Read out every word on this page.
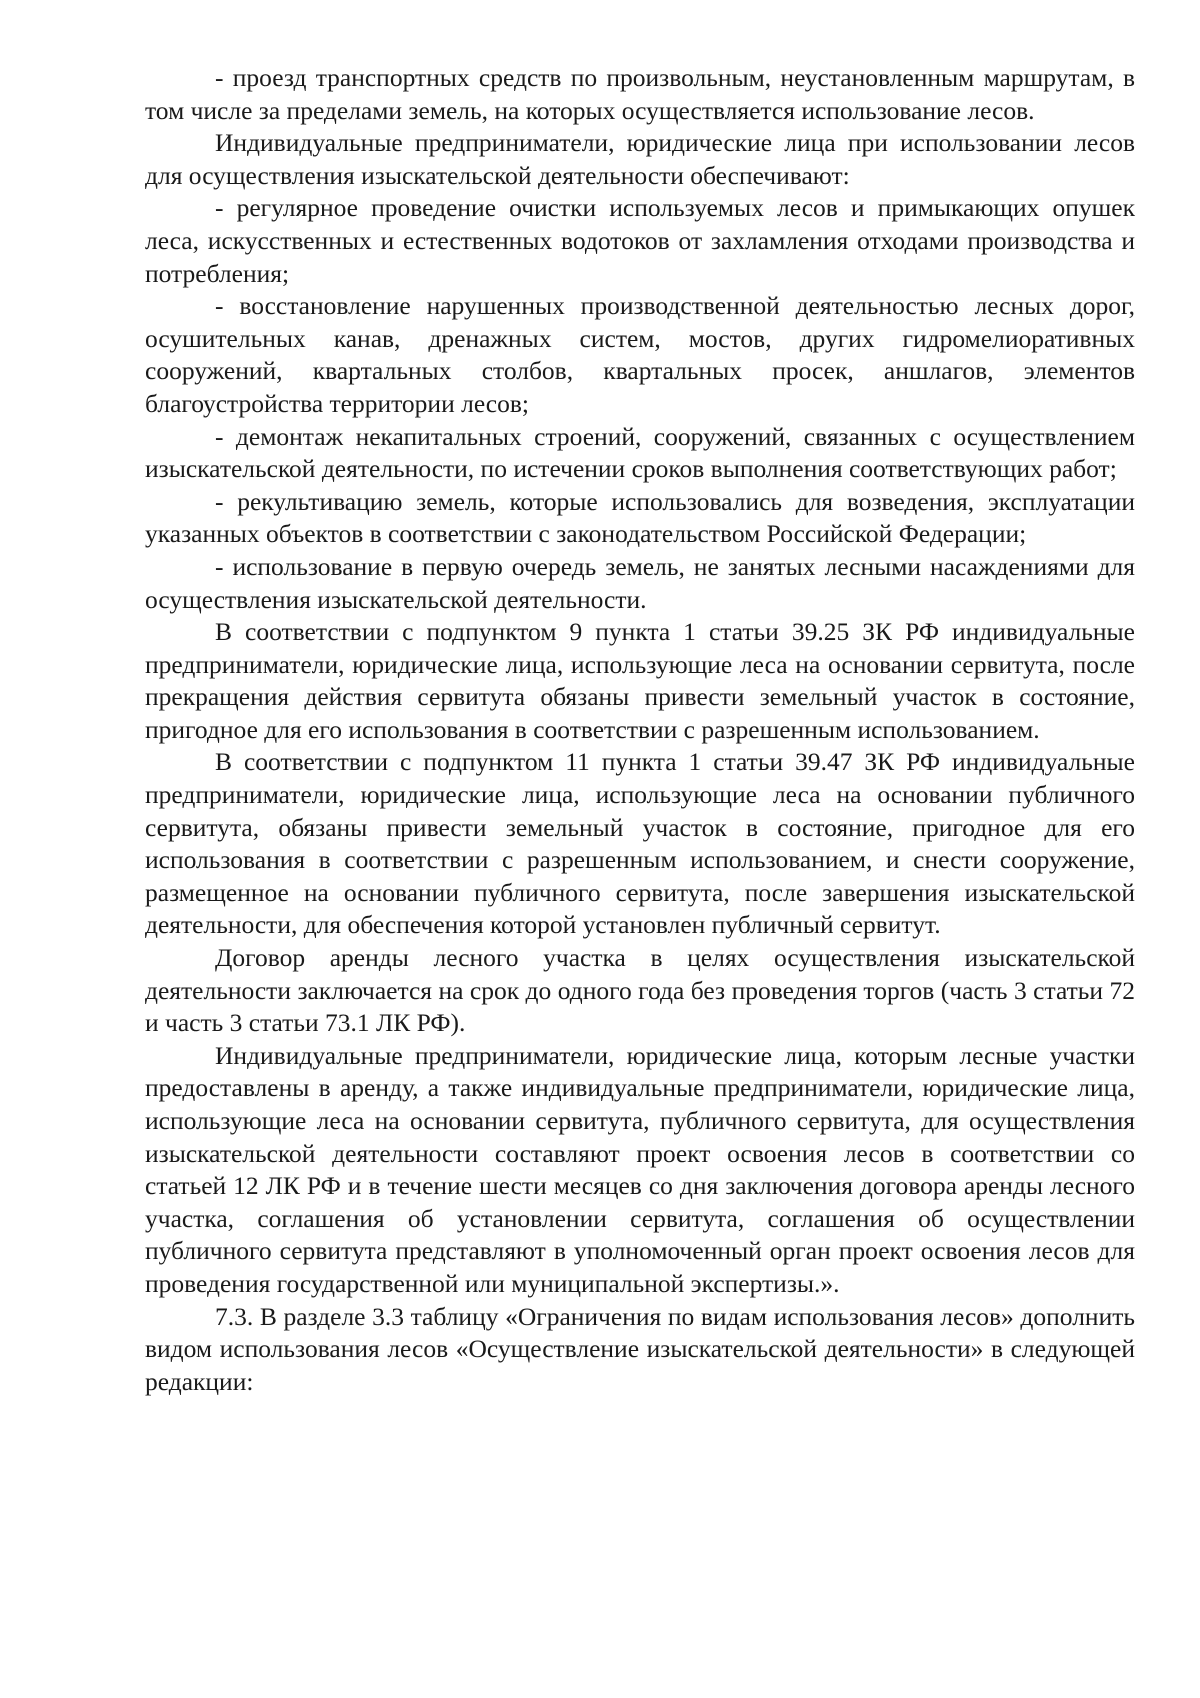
- проезд транспортных средств по произвольным, неустановленным маршрутам, в том числе за пределами земель, на которых осуществляется использование лесов.

Индивидуальные предприниматели, юридические лица при использовании лесов для осуществления изыскательской деятельности обеспечивают:

- регулярное проведение очистки используемых лесов и примыкающих опушек леса, искусственных и естественных водотоков от захламления отходами производства и потребления;

- восстановление нарушенных производственной деятельностью лесных дорог, осушительных канав, дренажных систем, мостов, других гидромелиоративных сооружений, квартальных столбов, квартальных просек, аншлагов, элементов благоустройства территории лесов;

- демонтаж некапитальных строений, сооружений, связанных с осуществлением изыскательской деятельности, по истечении сроков выполнения соответствующих работ;

- рекультивацию земель, которые использовались для возведения, эксплуатации указанных объектов в соответствии с законодательством Российской Федерации;

- использование в первую очередь земель, не занятых лесными насаждениями для осуществления изыскательской деятельности.

В соответствии с подпунктом 9 пункта 1 статьи 39.25 ЗК РФ индивидуальные предприниматели, юридические лица, использующие леса на основании сервитута, после прекращения действия сервитута обязаны привести земельный участок в состояние, пригодное для его использования в соответствии с разрешенным использованием.

В соответствии с подпунктом 11 пункта 1 статьи 39.47 ЗК РФ индивидуальные предприниматели, юридические лица, использующие леса на основании публичного сервитута, обязаны привести земельный участок в состояние, пригодное для его использования в соответствии с разрешенным использованием, и снести сооружение, размещенное на основании публичного сервитута, после завершения изыскательской деятельности, для обеспечения которой установлен публичный сервитут.

Договор аренды лесного участка в целях осуществления изыскательской деятельности заключается на срок до одного года без проведения торгов (часть 3 статьи 72 и часть 3 статьи 73.1 ЛК РФ).

Индивидуальные предприниматели, юридические лица, которым лесные участки предоставлены в аренду, а также индивидуальные предприниматели, юридические лица, использующие леса на основании сервитута, публичного сервитута, для осуществления изыскательской деятельности составляют проект освоения лесов в соответствии со статьей 12 ЛК РФ и в течение шести месяцев со дня заключения договора аренды лесного участка, соглашения об установлении сервитута, соглашения об осуществлении публичного сервитута представляют в уполномоченный орган проект освоения лесов для проведения государственной или муниципальной экспертизы.».

7.3. В разделе 3.3 таблицу «Ограничения по видам использования лесов» дополнить видом использования лесов «Осуществление изыскательской деятельности» в следующей редакции:
